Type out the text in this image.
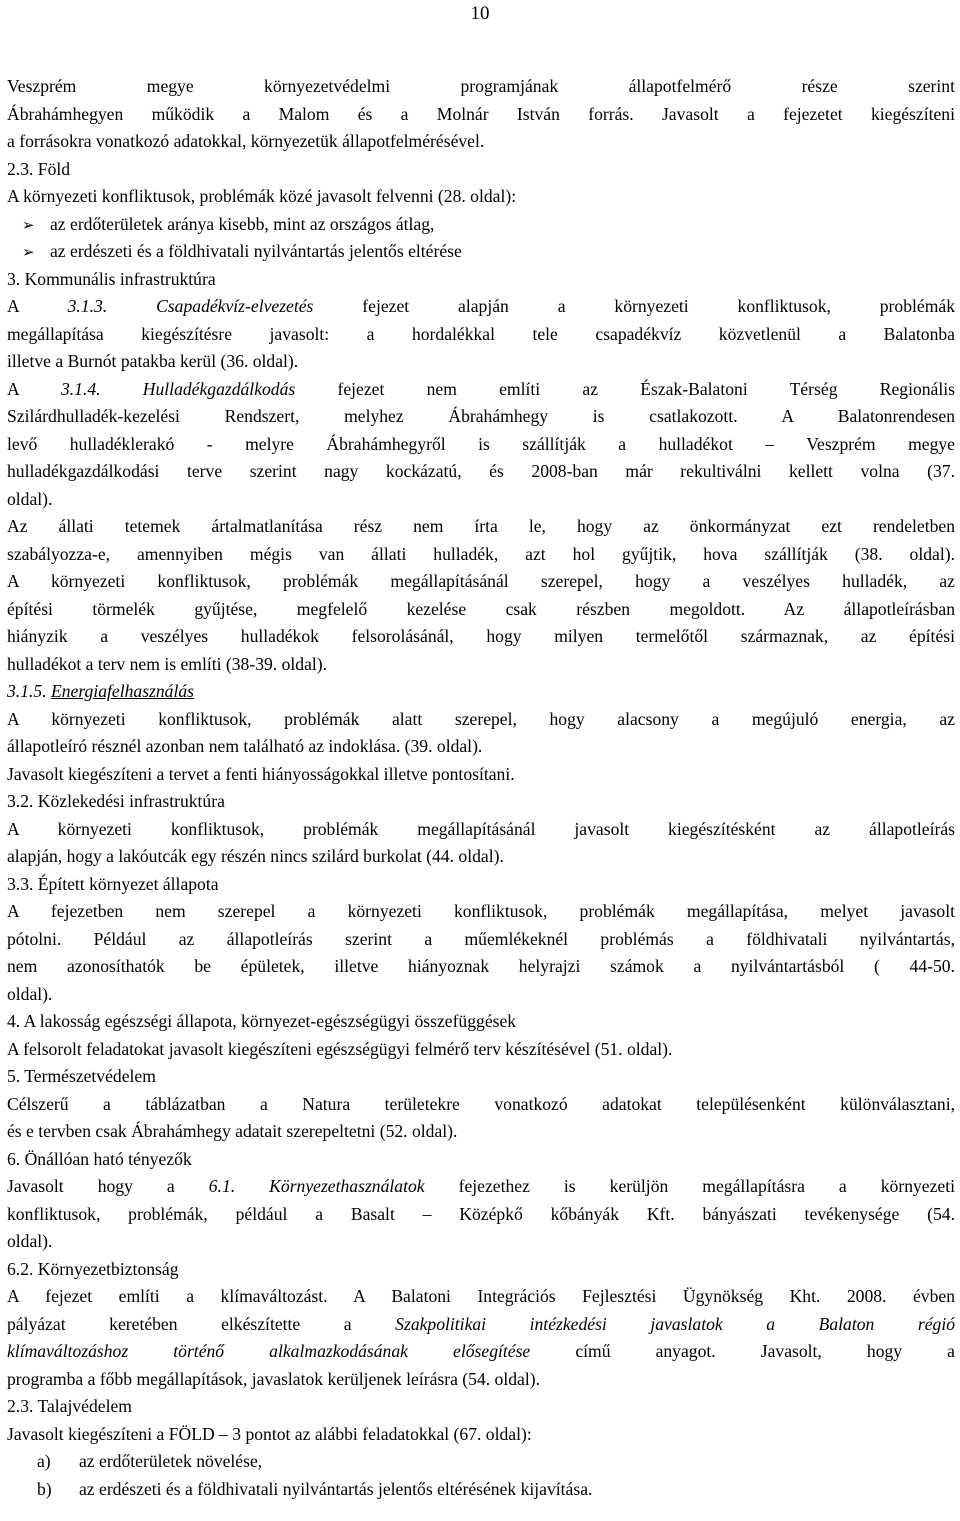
10
Veszprém megye környezetvédelmi programjának állapotfelmérő része szerint
Ábrahámhegyen működik a Malom és a Molnár István forrás. Javasolt a fejezetet kiegészíteni
a forrásokra vonatkozó adatokkal, környezetük állapotfelmérésével.
2.3. Föld
A környezeti konfliktusok, problémák közé javasolt felvenni (28. oldal):
➢ az erdőterületek aránya kisebb, mint az országos átlag,
➢ az erdészeti és a földhivatali nyilvántartás jelentős eltérése
3. Kommunális infrastruktúra
A 3.1.3. Csapadékvíz-elvezetés fejezet alapján a környezeti konfliktusok, problémák
megállapítása kiegészítésre javasolt: a hordalékkal tele csapadékvíz közvetlenül a Balatonba
illetve a Burnót patakba kerül (36. oldal).
A 3.1.4. Hulladékgazdálkodás fejezet nem említi az Észak-Balatoni Térség Regionális
Szilárdhulladék-kezelési Rendszert, melyhez Ábrahámhegy is csatlakozott. A Balatonrendesen
levő hulladéklerakó - melyre Ábrahámhegyről is szállítják a hulladékot – Veszprém megye
hulladékgazdálkodási terve szerint nagy kockázatú, és 2008-ban már rekultiválni kellett volna (37.
oldal).
Az állati tetemek ártalmatlanítása rész nem írta le, hogy az önkormányzat ezt rendeletben
szabályozza-e, amennyiben mégis van állati hulladék, azt hol gyűjtik, hova szállítják (38. oldal).
A környezeti konfliktusok, problémák megállapításánál szerepel, hogy a veszélyes hulladék, az
építési törmelék gyűjtése, megfelelő kezelése csak részben megoldott. Az állapotleírásban
hiányzik a veszélyes hulladékok felsorolásánál, hogy milyen termelőtől származnak, az építési
hulladékot a terv nem is említi (38-39. oldal).
3.1.5. Energiafelhasználás
A környezeti konfliktusok, problémák alatt szerepel, hogy alacsony a megújuló energia, az
állapotleíró résznél azonban nem található az indoklása. (39. oldal).
Javasolt kiegészíteni a tervet a fenti hiányosságokkal illetve pontosítani.
3.2. Közlekedési infrastruktúra
A környezeti konfliktusok, problémák megállapításánál javasolt kiegészítésként az állapotleírás
alapján, hogy a lakóutcák egy részén nincs szilárd burkolat (44. oldal).
3.3. Épített környezet állapota
A fejezetben nem szerepel a környezeti konfliktusok, problémák megállapítása, melyet javasolt
pótolni. Például az állapotleírás szerint a műemlékeknél problémás a földhivatali nyilvántartás,
nem azonosíthatók be épületek, illetve hiányoznak helyrajzi számok a nyilvántartásból ( 44-50.
oldal).
4. A lakosság egészségi állapota, környezet-egészségügyi összefüggések
A felsorolt feladatokat javasolt kiegészíteni egészségügyi felmérő terv készítésével (51. oldal).
5. Természetvédelem
Célszerű a táblázatban a Natura területekre vonatkozó adatokat településenként különválasztani,
és e tervben csak Ábrahámhegy adatait szerepeltetni (52. oldal).
6. Önállóan ható tényezők
Javasolt hogy a 6.1. Környezethasználatok fejezethez is kerüljön megállapításra a környezeti
konfliktusok, problémák, például a Basalt – Középkő kőbányák Kft. bányászati tevékenysége (54.
oldal).
6.2. Környezetbiztonság
A fejezet említi a klímaváltozást. A Balatoni Integrációs Fejlesztési Ügynökség Kht. 2008. évben
pályázat keretében elkészítette a Szakpolitikai intézkedési javaslatok a Balaton régió
klímaváltozáshoz történő alkalmazkodásának elősegítése című anyagot. Javasolt, hogy a
programba a főbb megállapítások, javaslatok kerüljenek leírásra (54. oldal).
2.3. Talajvédelem
Javasolt kiegészíteni a FÖLD – 3 pontot az alábbi feladatokkal (67. oldal):
a) az erdőterületek növelése,
b) az erdészeti és a földhivatali nyilvántartás jelentős eltérésének kijavítása.
